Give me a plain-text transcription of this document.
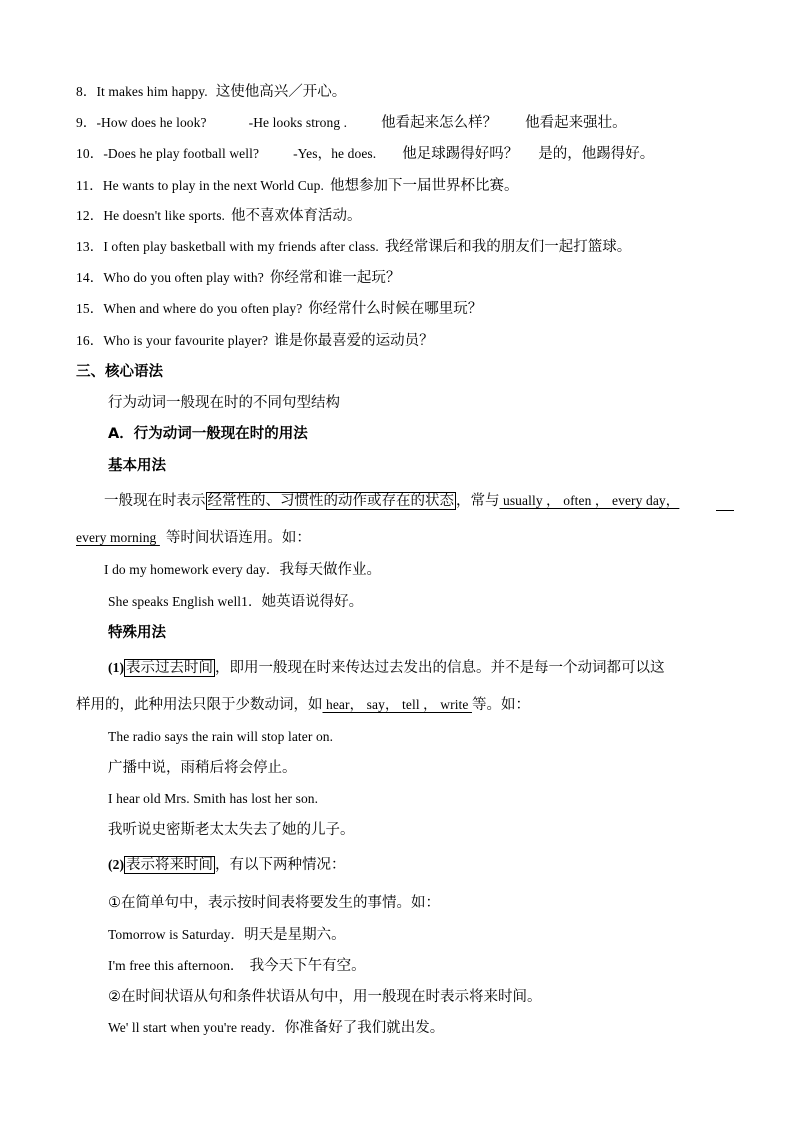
8．It makes him happy. 这使他高兴／开心。
9．-How does he look?	-He looks strong . 他看起来怎么样？ 他看起来强壮。
10．-Does he play football well?	-Yes，he does. 他足球踢得好吗？ 是的，他踢得好。
11．He wants to play in the next World Cup. 他想参加下一届世界杯比赛。
12．He doesn't like sports. 他不喜欢体育活动。
13．I often play basketball with my friends after class. 我经常课后和我的朋友们一起打篮球。
14．Who do you often play with? 你经常和谁一起玩？
15．When and where do you often play? 你经常什么时候在哪里玩？
16．Who is your favourite player? 谁是你最喜爱的运动员？
三、核心语法
行为动词一般现在时的不同句型结构
A．行为动词一般现在时的用法
基本用法
一般现在时表示 经常性的、习惯性的动作或存在的状态 ，常与 usually ， often ， every day，
every morning 等时间状语连用。如：
I do my homework every day．我每天做作业。
She speaks English well1．她英语说得好。
特殊用法
(1) 表示过去时间 ，即用一般现在时来传达过去发出的信息。并不是每一个动词都可以这
样用的，此种用法只限于少数动词，如 hear， say， tell ， write 等。如：
The radio says the rain will stop later on.
广播中说，雨稍后将会停止。
I hear old Mrs. Smith has lost her son.
我听说史密斯老太太失去了她的儿子。
(2) 表示将来时间 ，有以下两种情况：
①在简单句中，表示按时间表将要发生的事情。如：
Tomorrow is Saturday．明天是星期六。
I'm free this afternoon． 我今天下午有空。
②在时间状语从句和条件状语从句中，用一般现在时表示将来时间。
We' ll start when you're ready．你准备好了我们就出发。
